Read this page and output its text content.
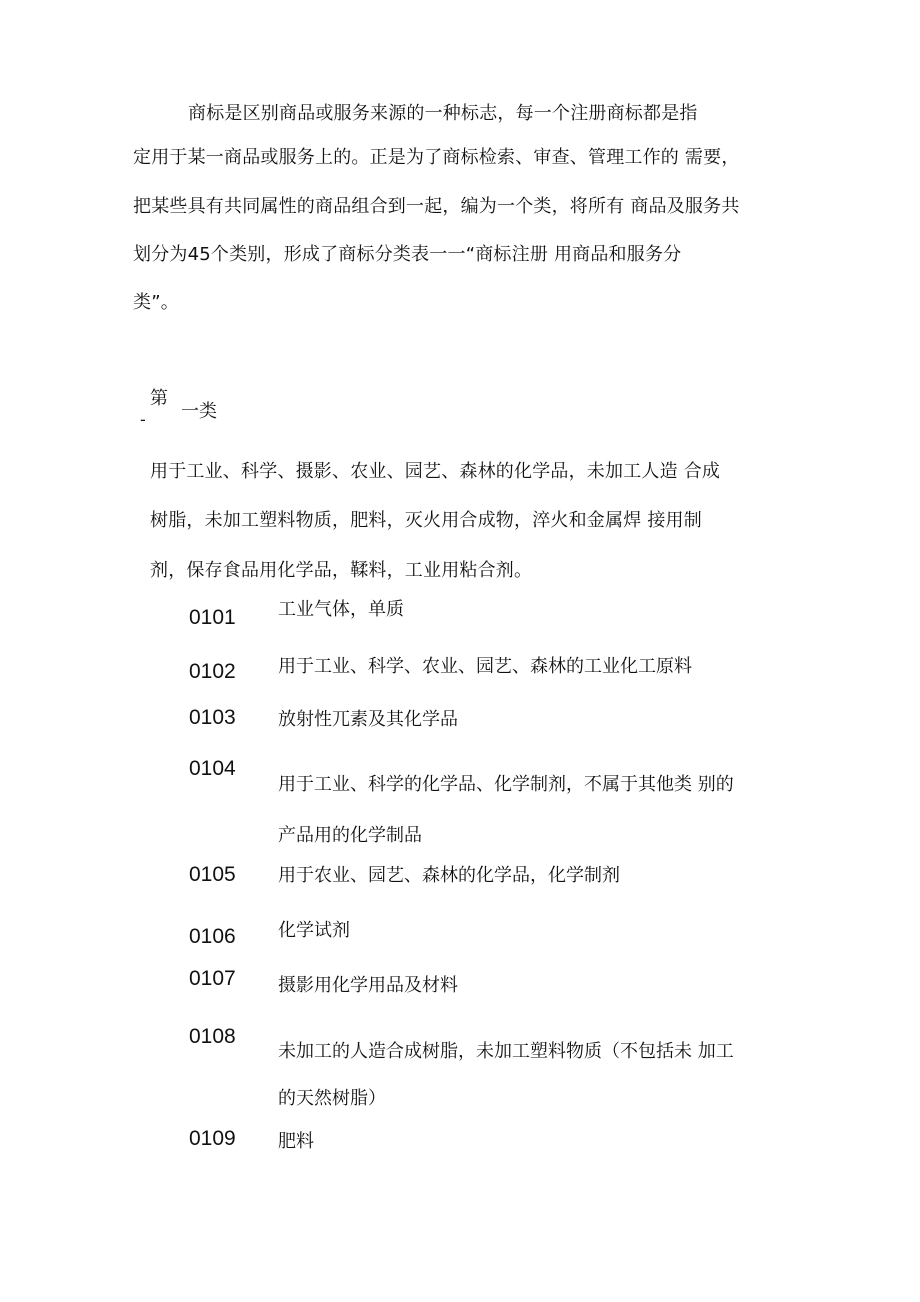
商标是区别商品或服务来源的一种标志，每一个注册商标都是指
定用于某一商品或服务上的。正是为了商标检索、审查、管理工作的 需要，
把某些具有共同属性的商品组合到一起，编为一个类，将所有 商品及服务共
划分为45个类别，形成了商标分类表一一“商标注册 用商品和服务分
类”。
第
- 一类
用于工业、科学、摄影、农业、园艺、森林的化学品，未加工人造 合成
树脂，未加工塑料物质，肥料，灭火用合成物，淬火和金属焊 接用制
剂，保存食品用化学品，鞣料，工业用粘合剂。
0101 工业气体，单质
0102 用于工业、科学、农业、园艺、森林的工业化工原料
0103 放射性兀素及其化学品
0104
用于工业、科学的化学品、化学制剂，不属于其他类 别的
产品用的化学制品
0105 用于农业、园艺、森林的化学品，化学制剂
0106 化学试剂
0107 摄影用化学用品及材料
0108
未加工的人造合成树脂，未加工塑料物质（不包括未 加工
的天然树脂）
0109 肥料
